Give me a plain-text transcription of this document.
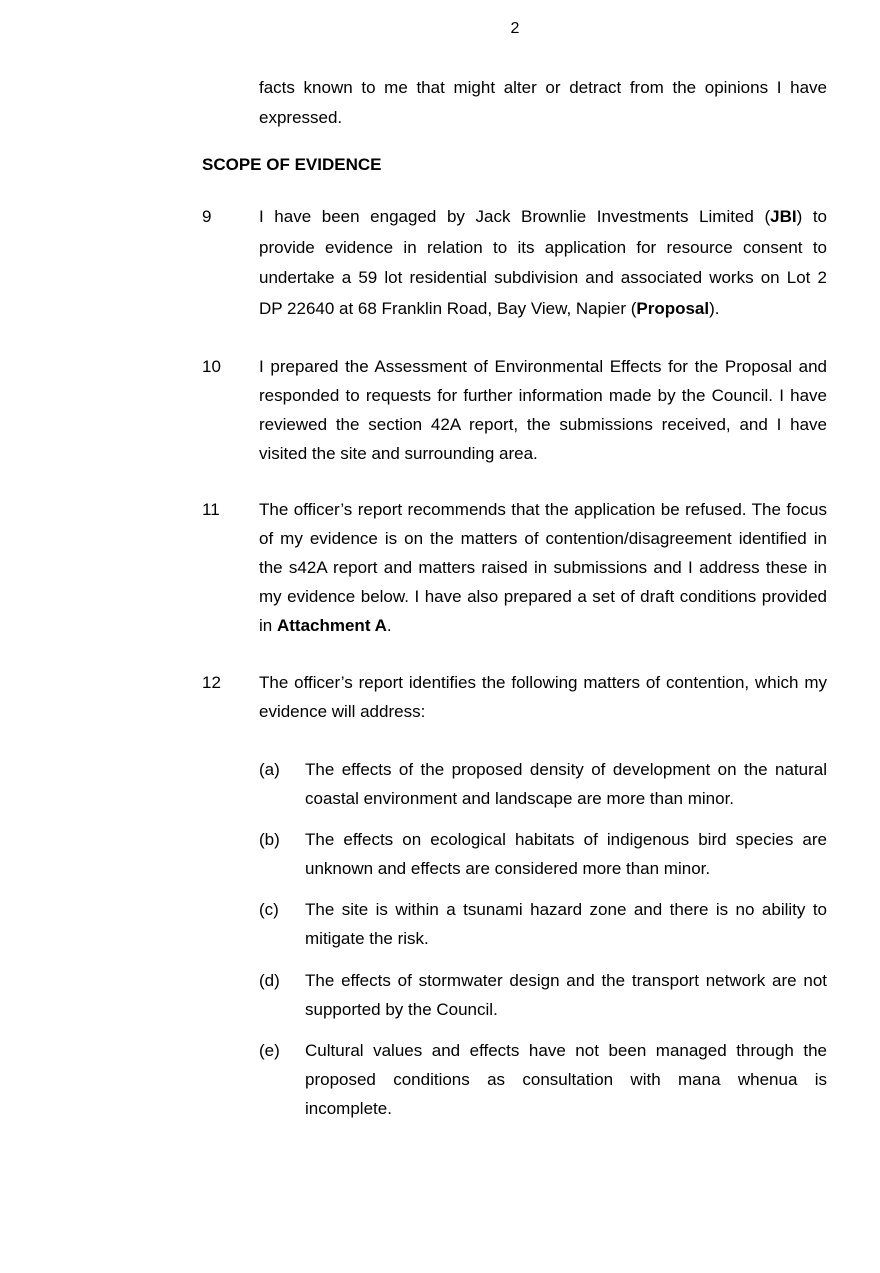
2
facts known to me that might alter or detract from the opinions I have expressed.
SCOPE OF EVIDENCE
9	I have been engaged by Jack Brownlie Investments Limited (JBI) to provide evidence in relation to its application for resource consent to undertake a 59 lot residential subdivision and associated works on Lot 2 DP 22640 at 68 Franklin Road, Bay View, Napier (Proposal).
10 I prepared the Assessment of Environmental Effects for the Proposal and responded to requests for further information made by the Council. I have reviewed the section 42A report, the submissions received, and I have visited the site and surrounding area.
11 The officer’s report recommends that the application be refused. The focus of my evidence is on the matters of contention/disagreement identified in the s42A report and matters raised in submissions and I address these in my evidence below. I have also prepared a set of draft conditions provided in Attachment A.
12 The officer’s report identifies the following matters of contention, which my evidence will address:
(a) The effects of the proposed density of development on the natural coastal environment and landscape are more than minor.
(b) The effects on ecological habitats of indigenous bird species are unknown and effects are considered more than minor.
(c) The site is within a tsunami hazard zone and there is no ability to mitigate the risk.
(d) The effects of stormwater design and the transport network are not supported by the Council.
(e) Cultural values and effects have not been managed through the proposed conditions as consultation with mana whenua is incomplete.
